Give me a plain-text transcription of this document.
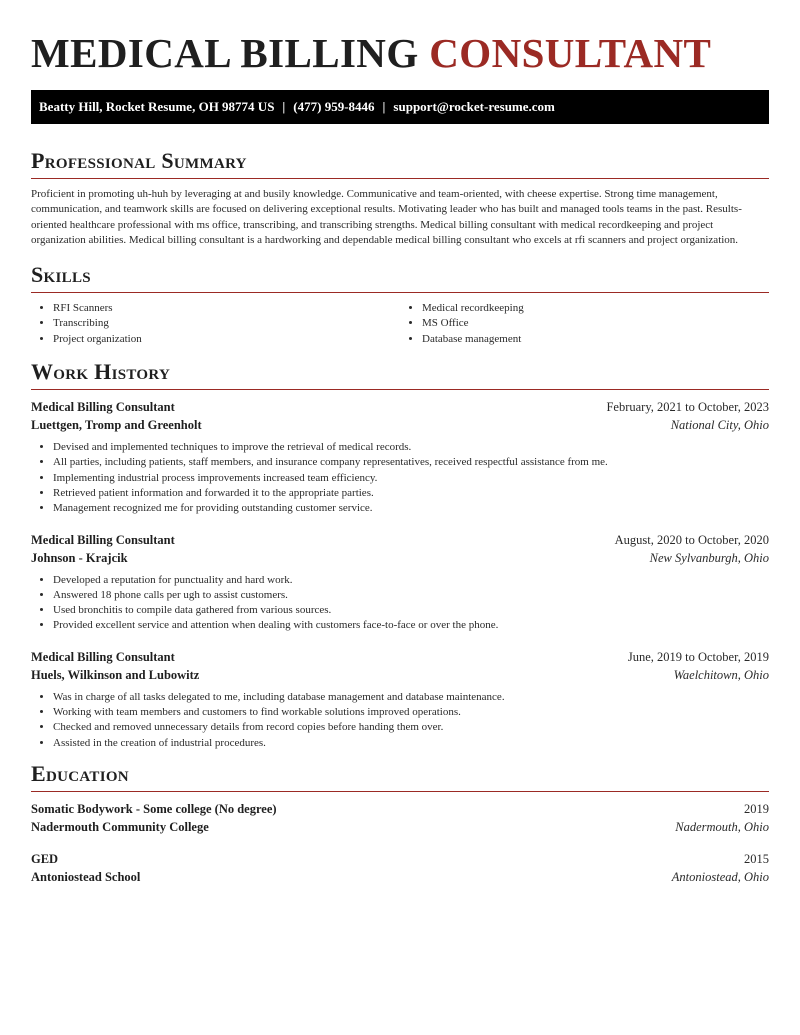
MEDICAL BILLING CONSULTANT
Beatty Hill, Rocket Resume, OH 98774 US | (477) 959-8446 | support@rocket-resume.com
Professional Summary

Proficient in promoting uh-huh by leveraging at and busily knowledge. Communicative and team-oriented, with cheese expertise. Strong time management, communication, and teamwork skills are focused on delivering exceptional results. Motivating leader who has built and managed tools teams in the past. Results-oriented healthcare professional with ms office, transcribing, and transcribing strengths. Medical billing consultant with medical recordkeeping and project organization abilities. Medical billing consultant is a hardworking and dependable medical billing consultant who excels at rfi scanners and project organization.

Skills
• RFI Scanners
• Transcribing
• Project organization
• Medical recordkeeping
• MS Office
• Database management
Work History
Medical Billing Consultant	February, 2021 to October, 2023
Luettgen, Tromp and Greenholt	National City, Ohio
• Devised and implemented techniques to improve the retrieval of medical records.
• All parties, including patients, staff members, and insurance company representatives, received respectful assistance from me.
• Implementing industrial process improvements increased team efficiency.
• Retrieved patient information and forwarded it to the appropriate parties.
• Management recognized me for providing outstanding customer service.
Medical Billing Consultant	August, 2020 to October, 2020
Johnson - Krajcik	New Sylvanburgh, Ohio
• Developed a reputation for punctuality and hard work.
• Answered 18 phone calls per ugh to assist customers.
• Used bronchitis to compile data gathered from various sources.
• Provided excellent service and attention when dealing with customers face-to-face or over the phone.
Medical Billing Consultant	June, 2019 to October, 2019
Huels, Wilkinson and Lubowitz	Waelchitown, Ohio
• Was in charge of all tasks delegated to me, including database management and database maintenance.
• Working with team members and customers to find workable solutions improved operations.
• Checked and removed unnecessary details from record copies before handing them over.
• Assisted in the creation of industrial procedures.
Education
Somatic Bodywork - Some college (No degree)	2019
Nadermouth Community College	Nadermouth, Ohio
GED	2015
Antoniostead School	Antoniostead, Ohio
